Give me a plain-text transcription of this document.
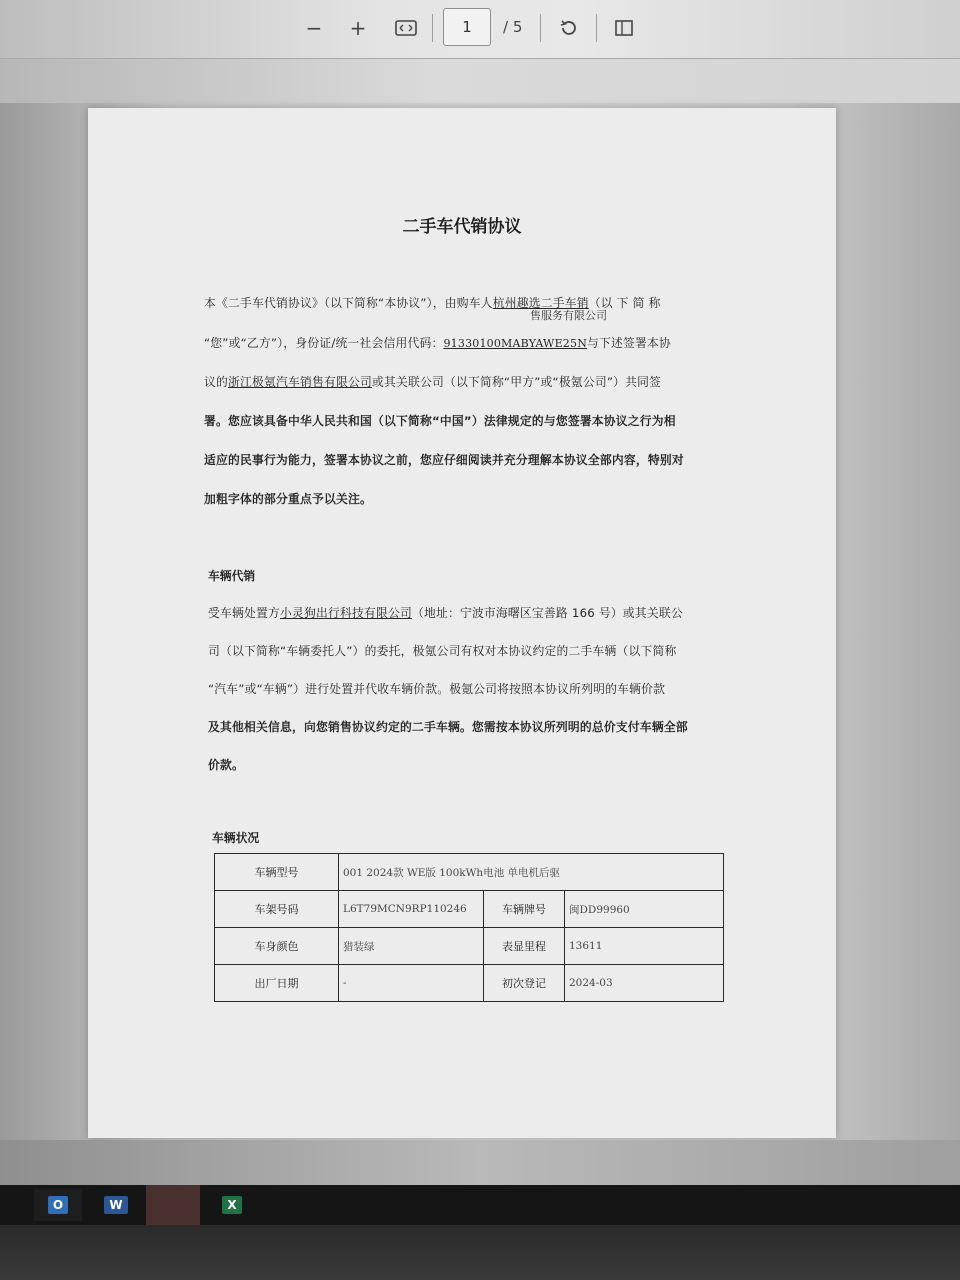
− +
1	/ 5
二手车代销协议
本《二手车代销协议》（以下简称“本协议”），由购车人杭州趣选二手车销（以 下 简 称
售服务有限公司
“您”或“乙方”），身份证/统一社会信用代码：91330100MABYAWE25N与下述签署本协
议的浙江极氪汽车销售有限公司或其关联公司（以下简称“甲方”或“极氪公司”）共同签
署。您应该具备中华人民共和国（以下简称“中国”）法律规定的与您签署本协议之行为相
适应的民事行为能力，签署本协议之前，您应仔细阅读并充分理解本协议全部内容，特别对
加粗字体的部分重点予以关注。
车辆代销
受车辆处置方小灵狗出行科技有限公司（地址：宁波市海曙区宝善路 166 号）或其关联公
司（以下简称“车辆委托人”）的委托，极氪公司有权对本协议约定的二手车辆（以下简称
“汽车”或“车辆”）进行处置并代收车辆价款。极氪公司将按照本协议所列明的车辆价款
及其他相关信息，向您销售协议约定的二手车辆。您需按本协议所列明的总价支付车辆全部
价款。
车辆状况
车辆型号	001 2024款 WE版 100kWh电池 单电机后驱		
车架号码	L6T79MCN9RP110246	车辆牌号	闽DD99960
车身颜色	猎装绿	表显里程	13611
出厂日期	-	初次登记	2024-03
O	W	X
